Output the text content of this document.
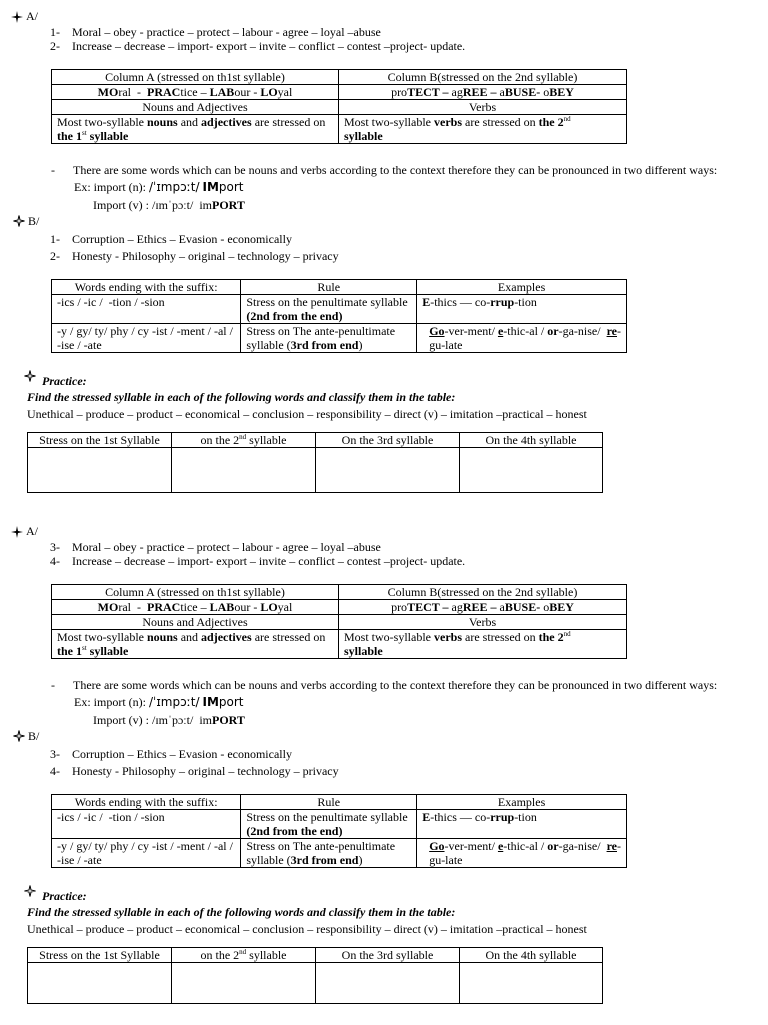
A/
1- Moral – obey - practice – protect – labour - agree – loyal –abuse
2- Increase – decrease – import- export – invite – conflict – contest –project- update.
Column A (stressed on th1st syllable)	Column B(stressed on the 2nd syllable)
MOral  -  PRACtice – LABour - LOyal	proTECT – agREE – aBUSE- oBEY
Nouns and Adjectives	Verbs
Most two-syllable nouns and adjectives are stressed on the 1st syllable	Most two-syllable verbs are stressed on the 2nd
syllable
- There are some words which can be nouns and verbs according to the context therefore they can be pronounced in two different ways:
Ex: import (n): /ˈɪmpɔːt/ IMport
Import (v) : /ɪmˈpɔːt/  imPORT
B/
1- Corruption – Ethics – Evasion - economically
2- Honesty - Philosophy – original – technology – privacy
Words ending with the suffix:	Rule	Examples
-ics / -ic /  -tion / -sion	Stress on the penultimate syllable (2nd from the end)	E-thics — co-rrup-tion
-y / gy/ ty/ phy / cy -ist / -ment / -al / -ise / -ate	Stress on The ante-penultimate syllable (3rd from end)	Go-ver-ment/ e-thic-al / or-ga-nise/  re-gu-late
Practice:
Find the stressed syllable in each of the following words and classify them in the table:
Unethical – produce – product – economical – conclusion – responsibility – direct (v) – imitation –practical – honest
Stress on the 1st Syllable	on the 2nd syllable	On the 3rd syllable	On the 4th syllable

A/
3- Moral – obey - practice – protect – labour - agree – loyal –abuse
4- Increase – decrease – import- export – invite – conflict – contest –project- update.
Column A (stressed on th1st syllable)	Column B(stressed on the 2nd syllable)
MOral  -  PRACtice – LABour - LOyal	proTECT – agREE – aBUSE- oBEY
Nouns and Adjectives	Verbs
Most two-syllable nouns and adjectives are stressed on the 1st syllable	Most two-syllable verbs are stressed on the 2nd
syllable
- There are some words which can be nouns and verbs according to the context therefore they can be pronounced in two different ways:
Ex: import (n): /ˈɪmpɔːt/ IMport
Import (v) : /ɪmˈpɔːt/  imPORT
B/
3- Corruption – Ethics – Evasion - economically
4- Honesty - Philosophy – original – technology – privacy
Words ending with the suffix:	Rule	Examples
-ics / -ic /  -tion / -sion	Stress on the penultimate syllable (2nd from the end)	E-thics — co-rrup-tion
-y / gy/ ty/ phy / cy -ist / -ment / -al / -ise / -ate	Stress on The ante-penultimate syllable (3rd from end)	Go-ver-ment/ e-thic-al / or-ga-nise/  re-gu-late
Practice:
Find the stressed syllable in each of the following words and classify them in the table:
Unethical – produce – product – economical – conclusion – responsibility – direct (v) – imitation –practical – honest
Stress on the 1st Syllable	on the 2nd syllable	On the 3rd syllable	On the 4th syllable
